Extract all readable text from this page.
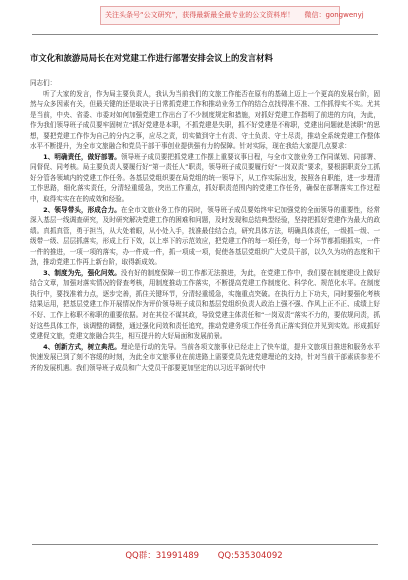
关注头条号“公文研究”，获得最新最全最专业的公文资料库！ 微信：gongwenyj
市文化和旅游局局长在对党建工作进行部署安排会议上的发言材料

同志们：

听了大家的发言，作为局主要负责人，我认为当前我们的文旅工作能否在原有的基础上迈上一个更高的发展台阶，固然与众多因素有关，但最关键的还是取决于日常抓党建工作和推动业务工作的结合点找得准不准、工作抓得实不实。尤其是当前，中央、省委、市委对如何加强党建工作出台了不少制度规定和措施，对抓好党建工作指明了前进的方向，为此，作为我们领导班子成员要牢固树立“抓好党建是本职，不抓党建是失职，抓不好党建是不称职，党建出问题就是渎职”的思想，要把党建工作作为自己的分内之事，应尽之责，切实做到守土有责、守土负责、守土尽责，推动全系统党建工作整体水平不断提升，为全市文旅融合和党员干部干事创业提供强有力的保障。针对实际，现在我给大家提几点要求：

1、明确责任，做好部署。领导班子成员要把抓党建工作摆上重要议事日程，与全市文旅业务工作同谋划、同部署、同督促、同考核。局主要负责人要履行好“第一责任人”职责，领导班子成员要履行好“一岗双责”要求，要根据职责分工抓好分管各领域内的党建工作任务。各基层党组织要在局党组的统一领导下，从工作实际出发，按照各自职能，进一步理清工作思路，细化落实责任，分清轻重缓急，突出工作重点，抓好职责范围内的党建工作任务，确保在部署落实工作过程中，取得实实在在的成效和经验。

2、领导带头，形成合力。在全市文旅业务工作的同时，领导班子成员要始终牢记加强党的全面领导的重要性，经常深入基层一线调查研究，及时研究解决党建工作的困难和问题，及时发现和总结典型经验，坚持把抓好党建作为最大的政绩。真抓真管，勇于担当，从大处着眼，从小处入手，找准最佳结合点，研究具体方法，明确具体责任，一级抓一级、一级带一级、层层抓落实，形成上行下效，以上率下的示范效应，把党建工作的每一项任务，每一个环节都抓细抓实，一件一件的推进，一项一项的落实，办一件成一件，抓一项成一项，促使各基层党组织广大党员干部，以久久为功的态度和干劲，推动党建工作再上新台阶，取得新成效。

3、制度为先，强化问效。没有好的制度保障一切工作都无法推进，为此，在党建工作中，我们要在制度建设上做好结合文章，加强对落实情况的督查考核，用制度推动工作落实，不断提高党建工作制度化、科学化、规范化水平。在制度执行中，要找准着力点，逐步完善，抓住关键环节，分清轻重缓急，实施重点突破。在执行力上下功夫，同时要强化考核结果运用，把基层党建工作开展情况作为评价领导班子成员和基层党组织负责人政治上强不强、作风上正不正、成绩上好不好、工作上称职不称职的重要依据。对在其位不谋其政，导致党建主体责任和“一岗双责”落实不力的，要依规问责，抓好这些具体工作，该调整的调整，通过强化问效和责任追究，推动党建务项工作任务真正落实到位并见到实效。形成抓好党建促文旅，党建文旅融合共生，相互提升的大好局面和发展前景。

4、创新方式，树立典范。理论是行动的先导。当前各项文旅事业已经走上了快车道，提升文旅项目推进和服务水平快速发展已到了刻不容缓的时刻，为此全市文旅事业在前进路上需要党员先进党建理论的支持，针对当前干部素质参差不齐的发展机遇。我们领导班子成员和广大党员干部要更加坚定的以习近平新时代中

QQ群：31991489 QQ:535304092
